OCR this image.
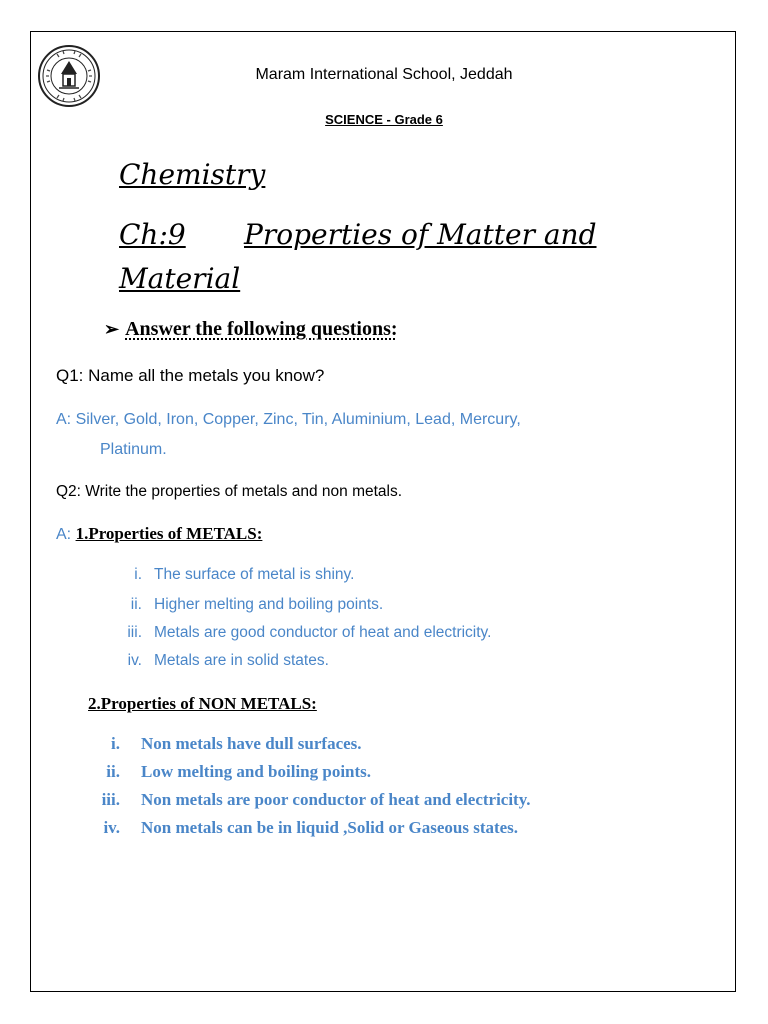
Maram International School, Jeddah
SCIENCE - Grade 6
Chemistry
Ch:9 Properties of Matter and
Material
➢ Answer the following questions:
Q1: Name all the metals you know?
A: Silver, Gold, Iron, Copper, Zinc, Tin, Aluminium, Lead, Mercury,
Platinum.
Q2: Write the properties of metals and non metals.
A: 1.Properties of METALS:
i. The surface of metal is shiny.
ii. Higher melting and boiling points.
iii. Metals are good conductor of heat and electricity.
iv. Metals are in solid states.
2.Properties of NON METALS:
i. Non metals have dull surfaces.
ii. Low melting and boiling points.
iii. Non metals are poor conductor of heat and electricity.
iv. Non metals can be in liquid ,Solid or Gaseous states.
